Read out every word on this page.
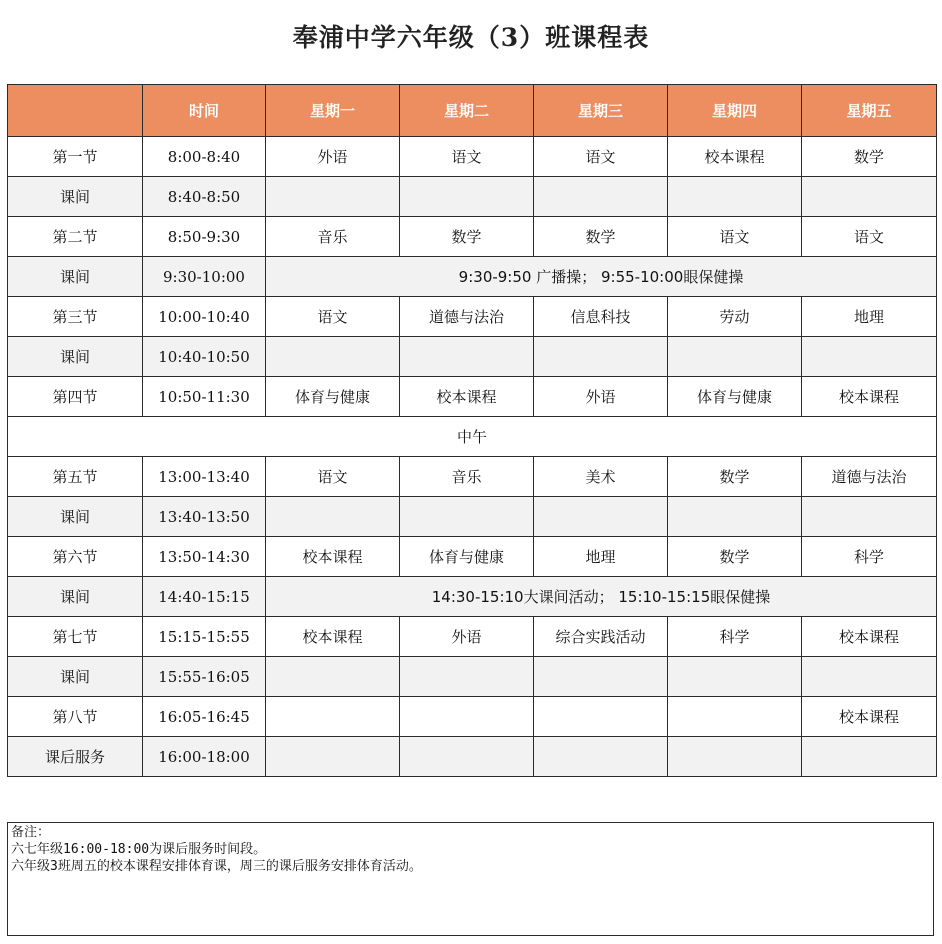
奉浦中学六年级（3）班课程表
	时间	星期一	星期二	星期三	星期四	星期五
第一节	8:00-8:40	外语	语文	语文	校本课程	数学
课间	8:40-8:50					
第二节	8:50-9:30	音乐	数学	数学	语文	语文
课间	9:30-10:00	9:30-9:50 广播操； 9:55-10:00眼保健操				
第三节	10:00-10:40	语文	道德与法治	信息科技	劳动	地理
课间	10:40-10:50					
第四节	10:50-11:30	体育与健康	校本课程	外语	体育与健康	校本课程
中午						
第五节	13:00-13:40	语文	音乐	美术	数学	道德与法治
课间	13:40-13:50					
第六节	13:50-14:30	校本课程	体育与健康	地理	数学	科学
课间	14:40-15:15	14:30-15:10大课间活动； 15:10-15:15眼保健操				
第七节	15:15-15:55	校本课程	外语	综合实践活动	科学	校本课程
课间	15:55-16:05					
第八节	16:05-16:45					校本课程
课后服务	16:00-18:00					
备注：
六七年级16:00-18:00为课后服务时间段。
六年级3班周五的校本课程安排体育课，周三的课后服务安排体育活动。
